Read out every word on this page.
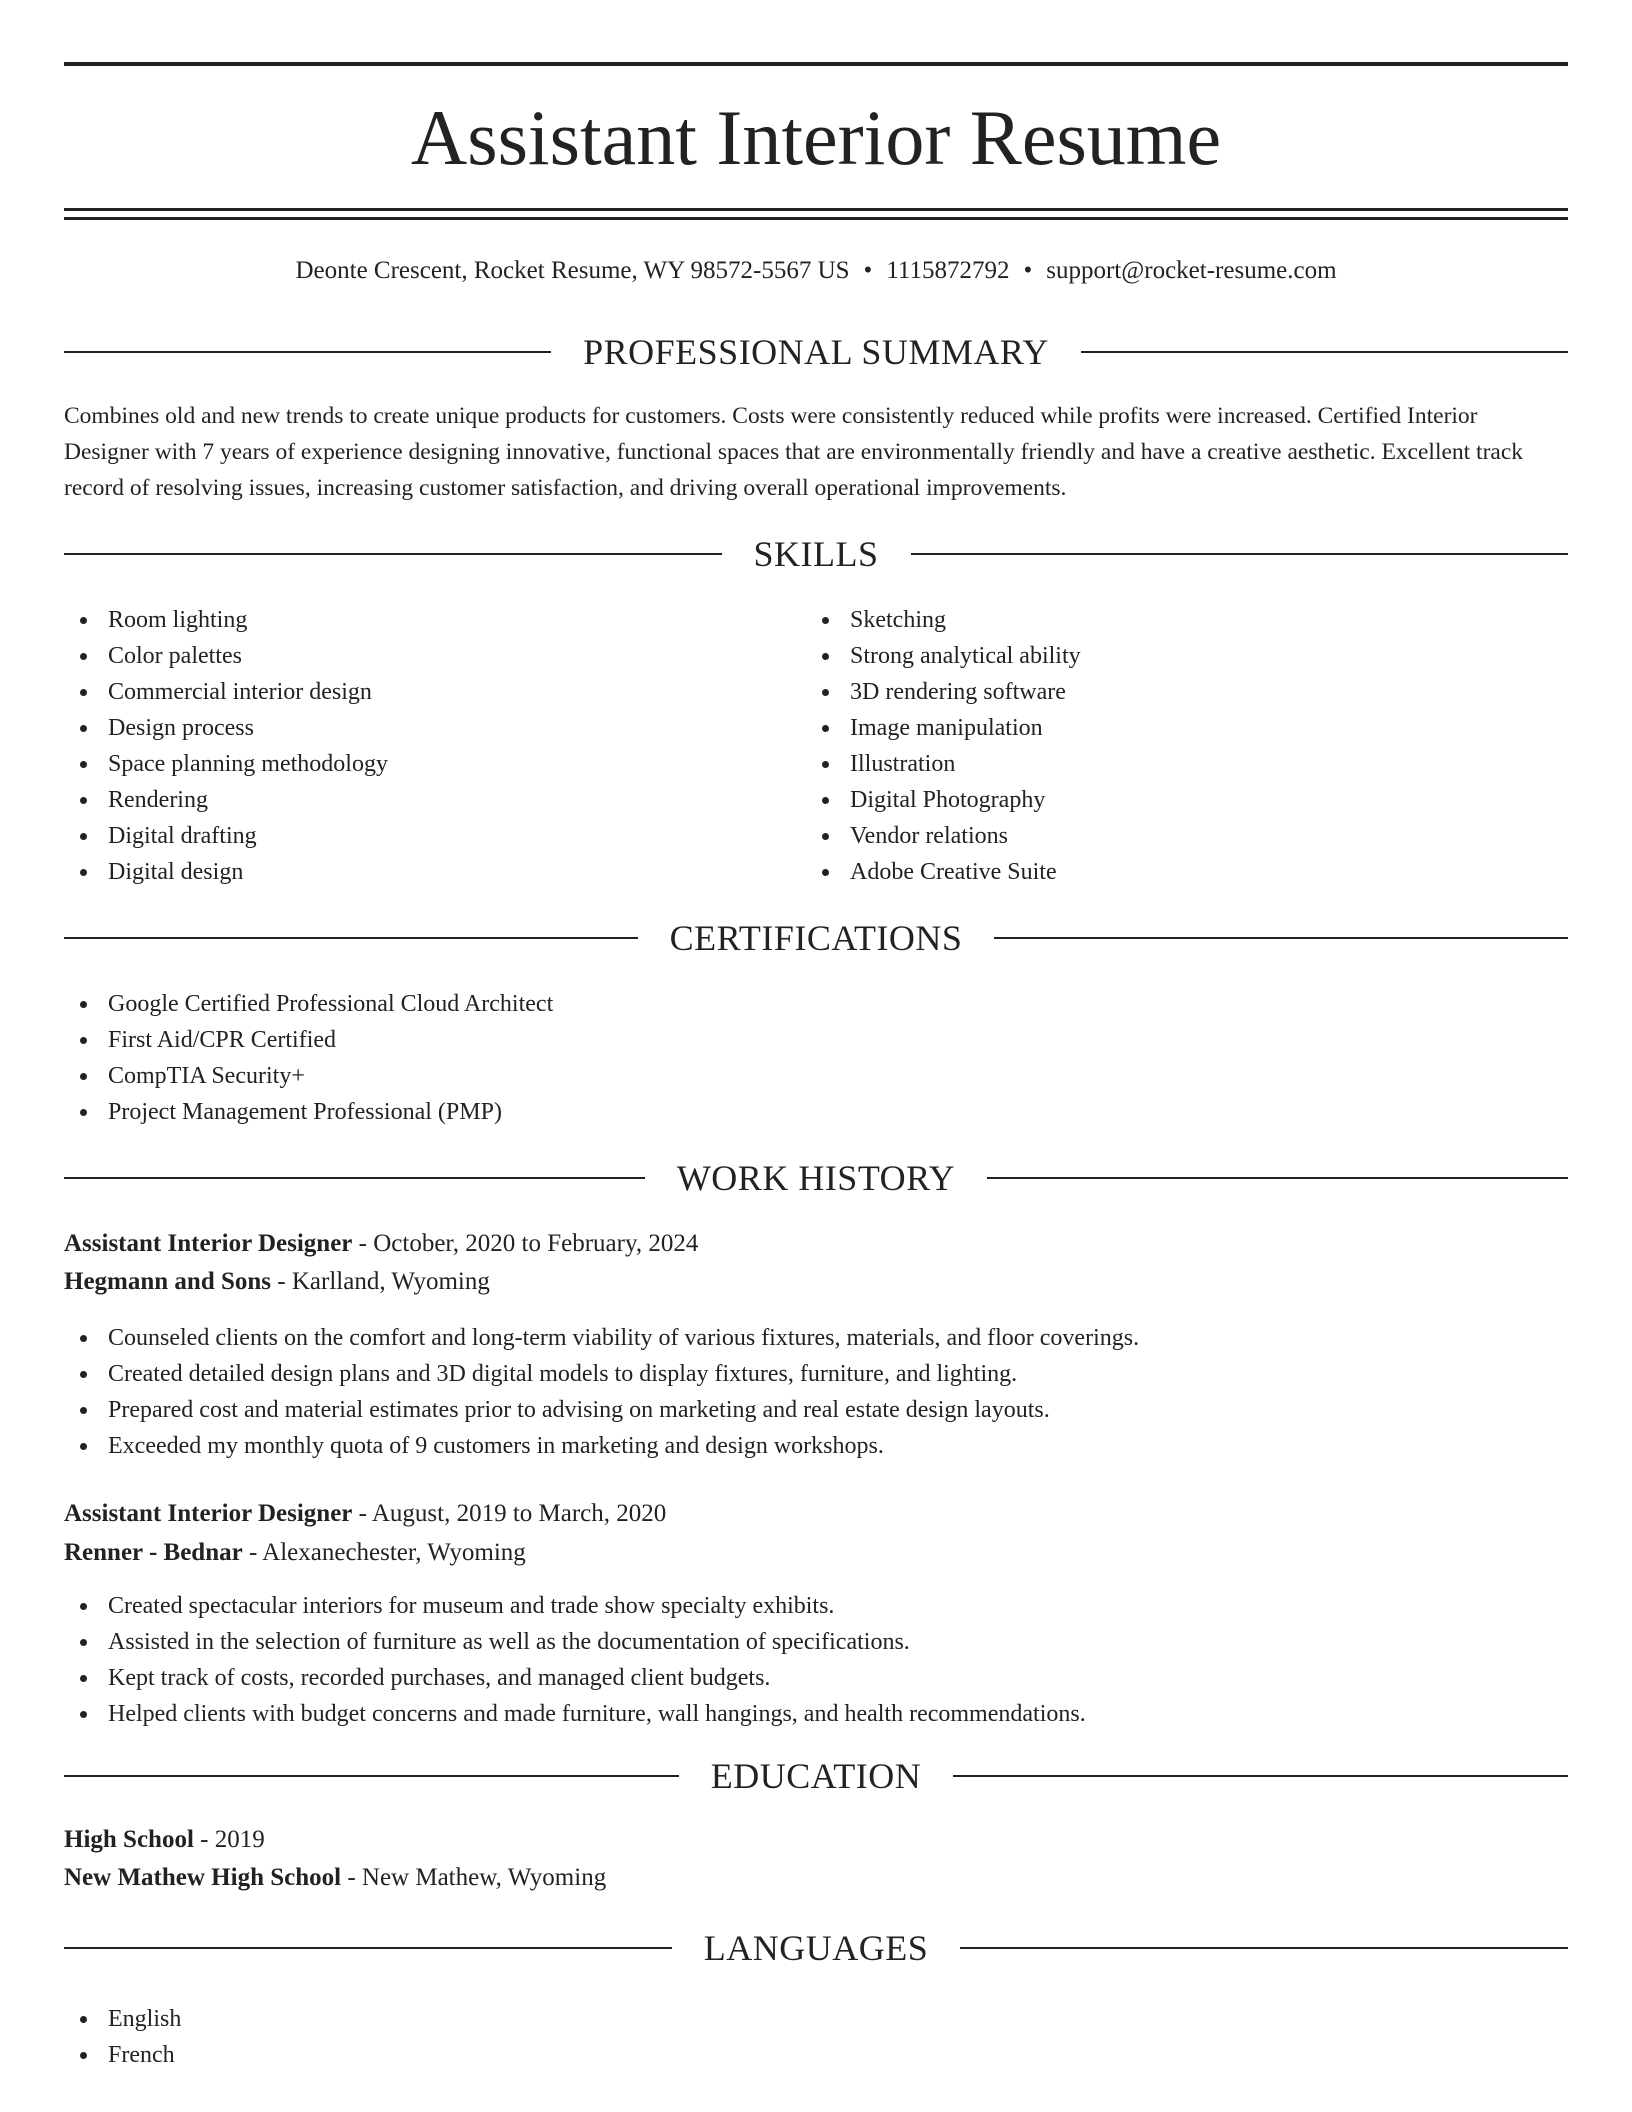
Assistant Interior Resume
Deonte Crescent, Rocket Resume, WY 98572-5567 US • 1115872792 • support@rocket-resume.com
PROFESSIONAL SUMMARY

Combines old and new trends to create unique products for customers. Costs were consistently reduced while profits were increased. Certified Interior Designer with 7 years of experience designing innovative, functional spaces that are environmentally friendly and have a creative aesthetic. Excellent track record of resolving issues, increasing customer satisfaction, and driving overall operational improvements.

SKILLS
Room lighting
Color palettes
Commercial interior design
Design process
Space planning methodology
Rendering
Digital drafting
Digital design
Sketching
Strong analytical ability
3D rendering software
Image manipulation
Illustration
Digital Photography
Vendor relations
Adobe Creative Suite
CERTIFICATIONS
Google Certified Professional Cloud Architect
First Aid/CPR Certified
CompTIA Security+
Project Management Professional (PMP)
WORK HISTORY
Assistant Interior Designer - October, 2020 to February, 2024
Hegmann and Sons - Karlland, Wyoming
Counseled clients on the comfort and long-term viability of various fixtures, materials, and floor coverings.
Created detailed design plans and 3D digital models to display fixtures, furniture, and lighting.
Prepared cost and material estimates prior to advising on marketing and real estate design layouts.
Exceeded my monthly quota of 9 customers in marketing and design workshops.
Assistant Interior Designer - August, 2019 to March, 2020
Renner - Bednar - Alexanechester, Wyoming
Created spectacular interiors for museum and trade show specialty exhibits.
Assisted in the selection of furniture as well as the documentation of specifications.
Kept track of costs, recorded purchases, and managed client budgets.
Helped clients with budget concerns and made furniture, wall hangings, and health recommendations.
EDUCATION
High School - 2019
New Mathew High School - New Mathew, Wyoming
LANGUAGES
English
French
